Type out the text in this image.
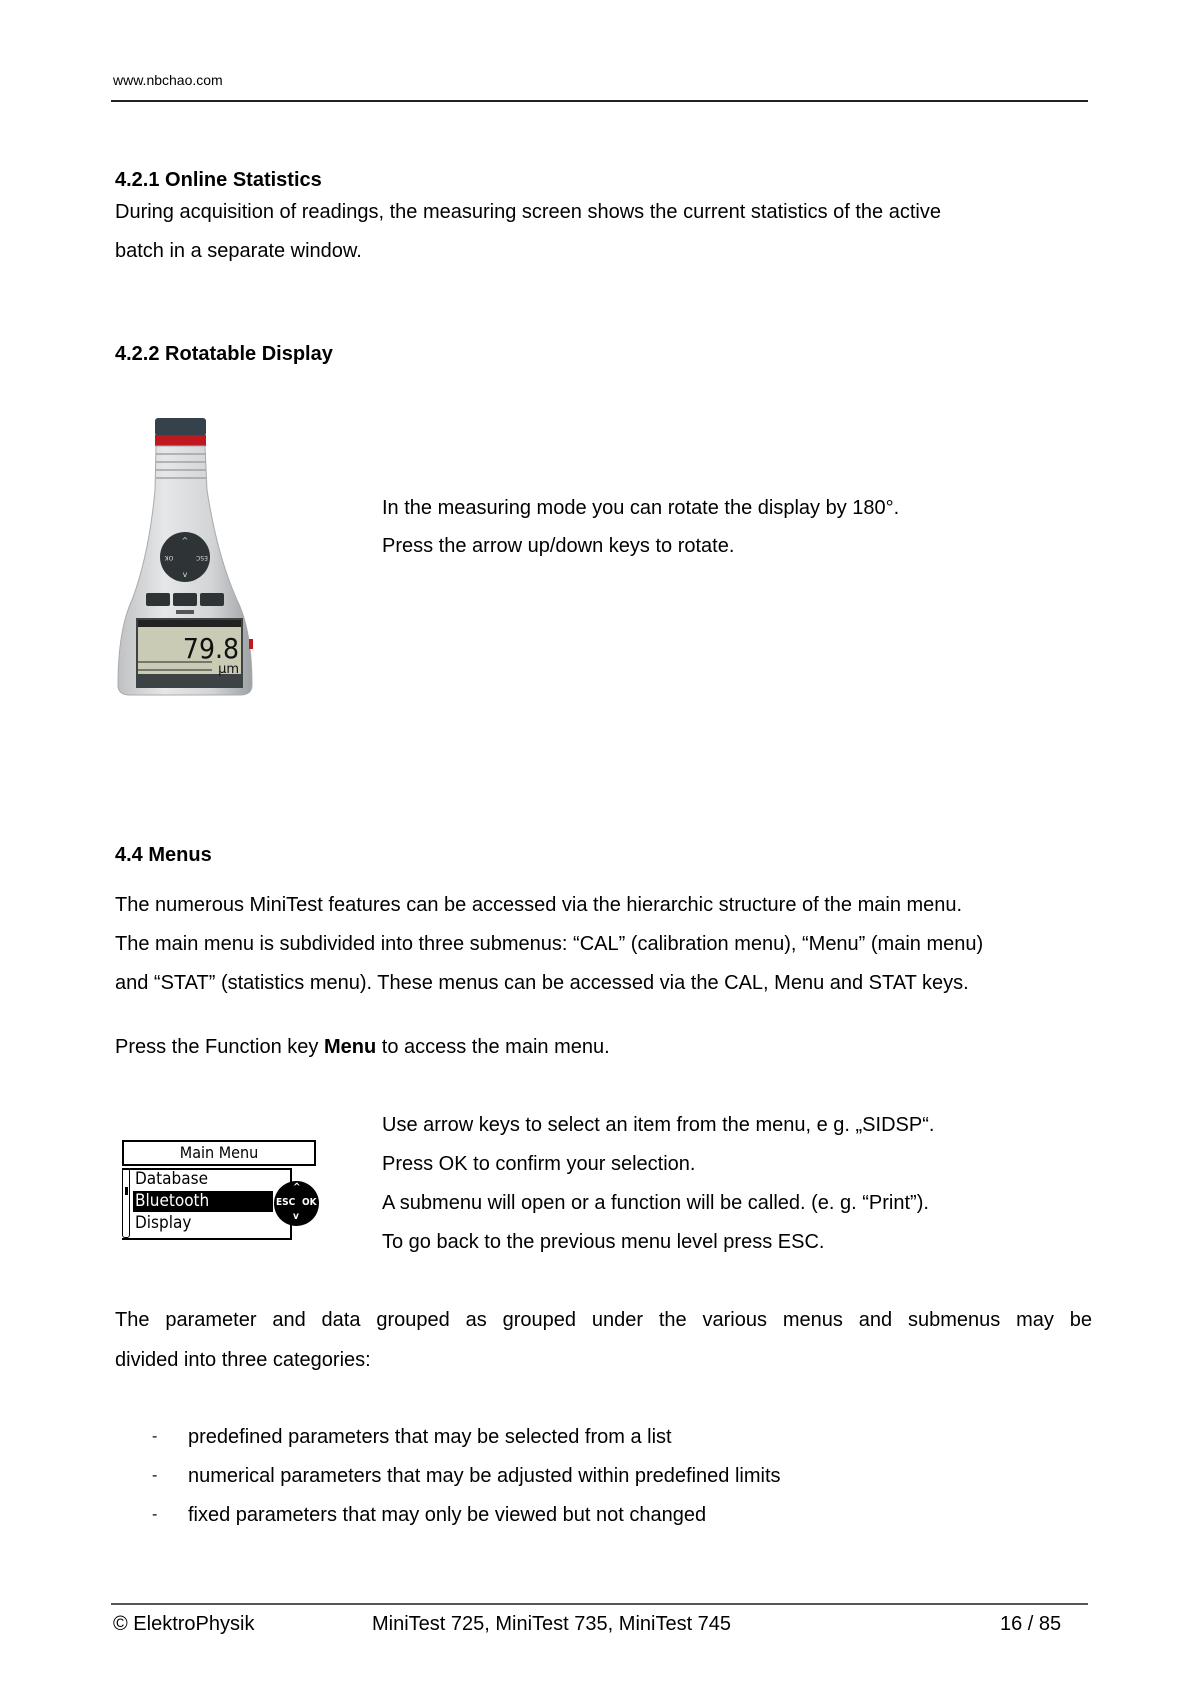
www.nbchao.com
4.2.1 Online Statistics
During acquisition of readings, the measuring screen shows the current statistics of the active
batch in a separate window.
4.2.2 Rotatable Display
^
v
OK	ESC
79.8
µm
In the measuring mode you can rotate the display by 180°.
Press the arrow up/down keys to rotate.
4.4 Menus
The numerous MiniTest features can be accessed via the hierarchic structure of the main menu.
The main menu is subdivided into three submenus: “CAL” (calibration menu), “Menu” (main menu)
and “STAT” (statistics menu). These menus can be accessed via the CAL, Menu and STAT keys.
Press the Function key Menu to access the main menu.
Main Menu
Database
Bluetooth
Display
^
ESC OK
v
Use arrow keys to select an item from the menu, e g. „SIDSP“.
Press OK to confirm your selection.
A submenu will open or a function will be called. (e. g. “Print”).
To go back to the previous menu level press ESC.
The parameter and data grouped as grouped under the various menus and submenus may be
divided into three categories:
- predefined parameters that may be selected from a list
- numerical parameters that may be adjusted within predefined limits
- fixed parameters that may only be viewed but not changed
© ElektroPhysik	MiniTest 725, MiniTest 735, MiniTest 745	16 / 85
